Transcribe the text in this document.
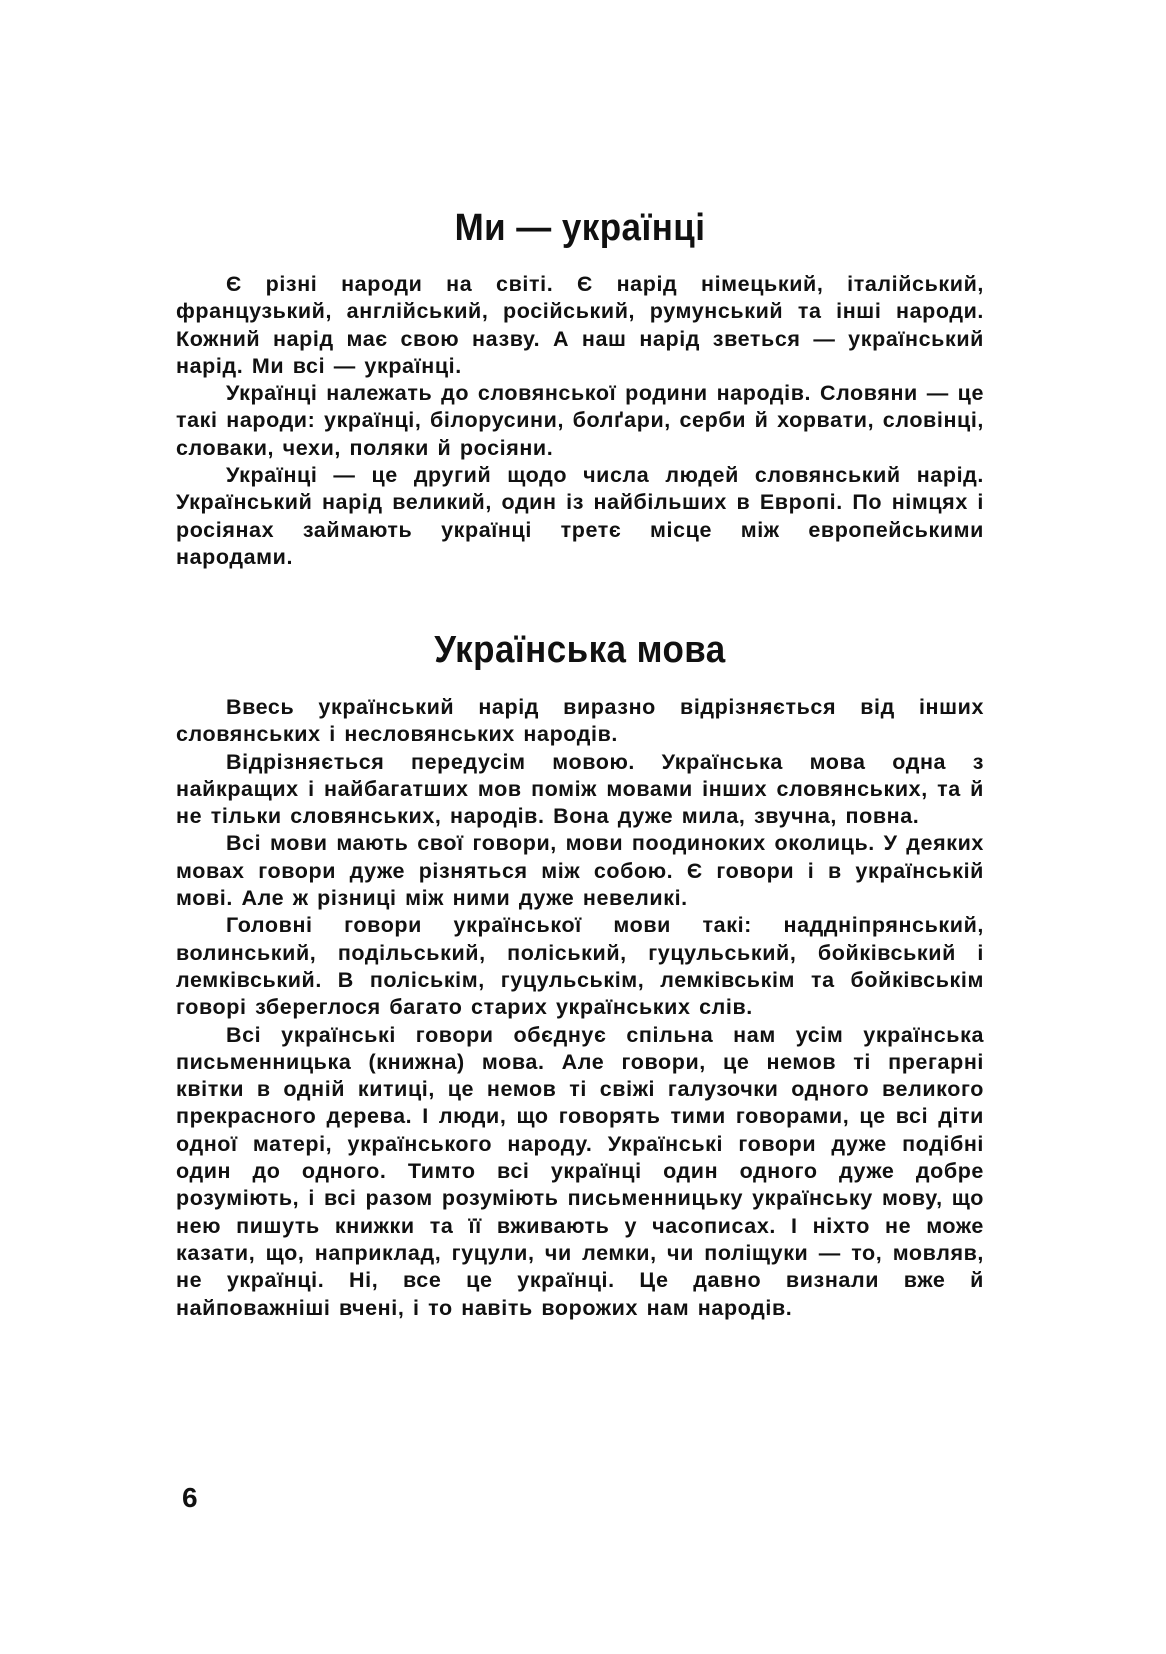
Ми — українці

Є різні народи на світі. Є нарід німецький, італійський, французький, англійський, російський, румунський та інші народи. Кожний нарід має свою назву. А наш нарід зветься — український нарід. Ми всі — українці.

Українці належать до словянської родини народів. Словяни — це такі народи: українці, білорусини, болґари, серби й хорвати, словінці, словаки, чехи, поляки й росіяни.

Українці — це другий щодо числа людей словянський нарід. Український нарід великий, один із найбільших в Европі. По німцях і росіянах займають українці третє місце між европейськими народами.

Українська мова

Ввесь український нарід виразно відрізняється від інших словянських і несловянських народів.

Відрізняється передусім мовою. Українська мова одна з найкращих і найбагатших мов поміж мовами інших словянських, та й не тільки словянських, народів. Вона дуже мила, звучна, повна.

Всі мови мають свої говори, мови поодиноких околиць. У деяких мовах говори дуже різняться між собою. Є говори і в українській мові. Але ж різниці між ними дуже невеликі.

Головні говори української мови такі: наддніпрянський, волинський, подільський, поліський, гуцульський, бойківський і лемківський. В поліськім, гуцульськім, лемківськім та бойківськім говорі збереглося багато старих українських слів.

Всі українські говори обєднує спільна нам усім українська письменницька (книжна) мова. Але говори, це немов ті прегарні квітки в одній китиці, це немов ті свіжі галузочки одного великого прекрасного дерева. І люди, що говорять тими говорами, це всі діти одної матері, українського народу. Українські говори дуже подібні один до одного. Тимто всі українці один одного дуже добре розуміють, і всі разом розуміють письменницьку українську мову, що нею пишуть книжки та її вживають у часописах. І ніхто не може казати, що, наприклад, гуцули, чи лемки, чи поліщуки — то, мовляв, не українці. Ні, все це українці. Це давно визнали вже й найповажніші вчені, і то навіть ворожих нам народів.

6
